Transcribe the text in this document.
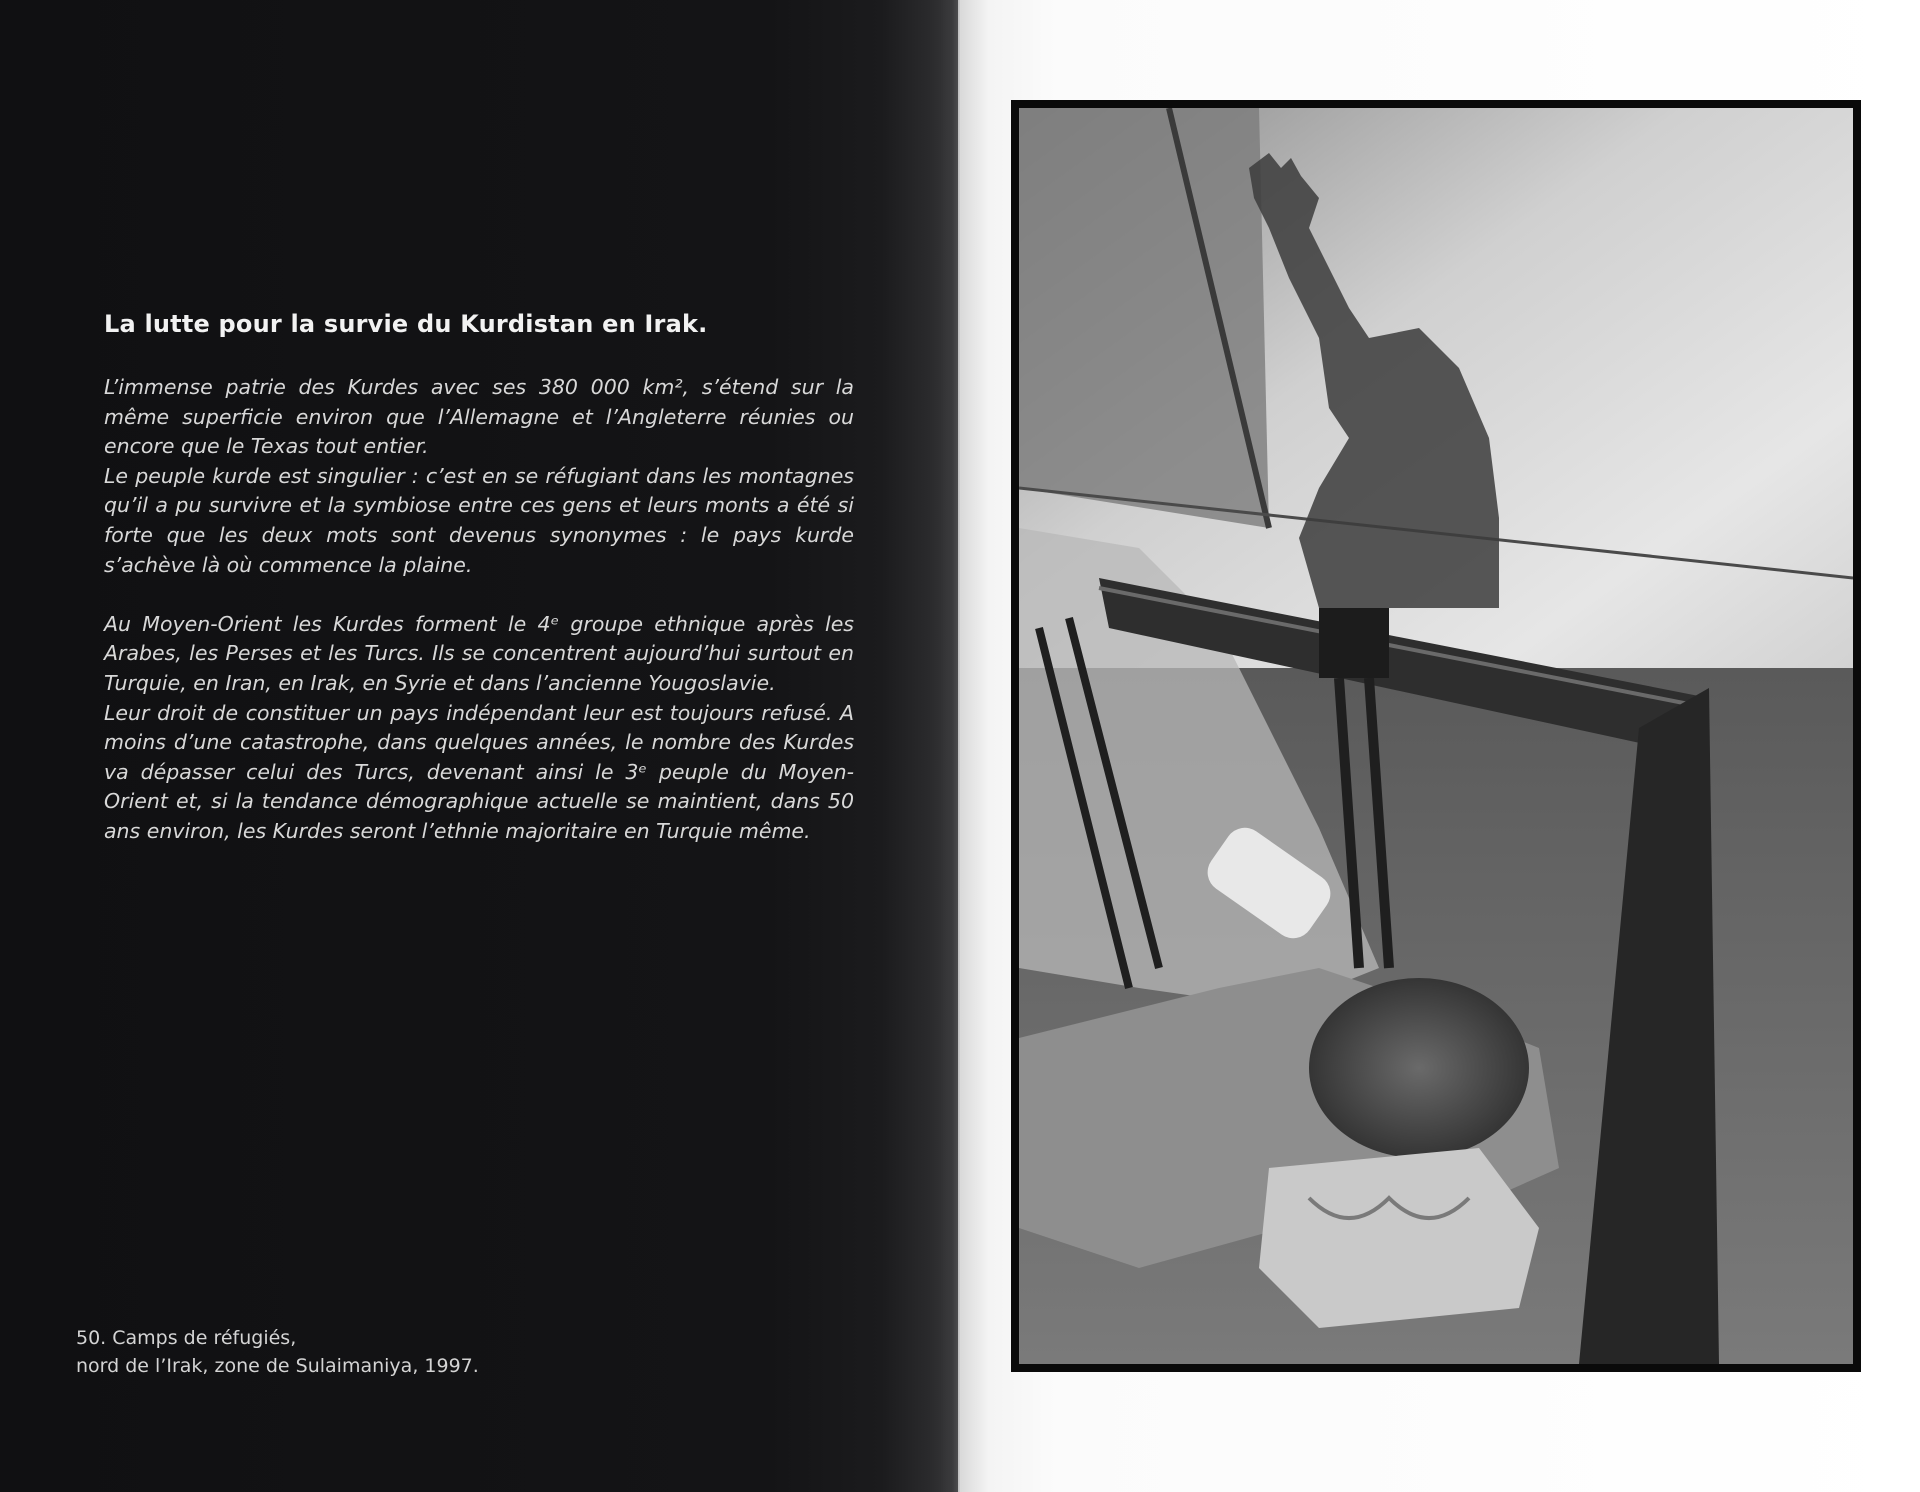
La lutte pour la survie du Kurdistan en Irak.

L’immense patrie des Kurdes avec ses 380 000 km², s’étend sur la même superficie environ que l’Allemagne et l’Angleterre réunies ou encore que le Texas tout entier.

Le peuple kurde est singulier : c’est en se réfugiant dans les montagnes qu’il a pu survivre et la symbiose entre ces gens et leurs monts a été si forte que les deux mots sont devenus synonymes : le pays kurde s’achève là où commence la plaine.

Au Moyen-Orient les Kurdes forment le 4ᵉ groupe ethnique après les Arabes, les Perses et les Turcs. Ils se concentrent aujourd’hui surtout en Turquie, en Iran, en Irak, en Syrie et dans l’ancienne Yougoslavie.

Leur droit de constituer un pays indépendant leur est toujours refusé. A moins d’une catastrophe, dans quelques années, le nombre des Kurdes va dépasser celui des Turcs, devenant ainsi le 3ᵉ peuple du Moyen-Orient et, si la tendance démographique actuelle se maintient, dans 50 ans environ, les Kurdes seront l’ethnie majoritaire en Turquie même.

50. Camps de réfugiés,
nord de l’Irak, zone de Sulaimaniya, 1997.
